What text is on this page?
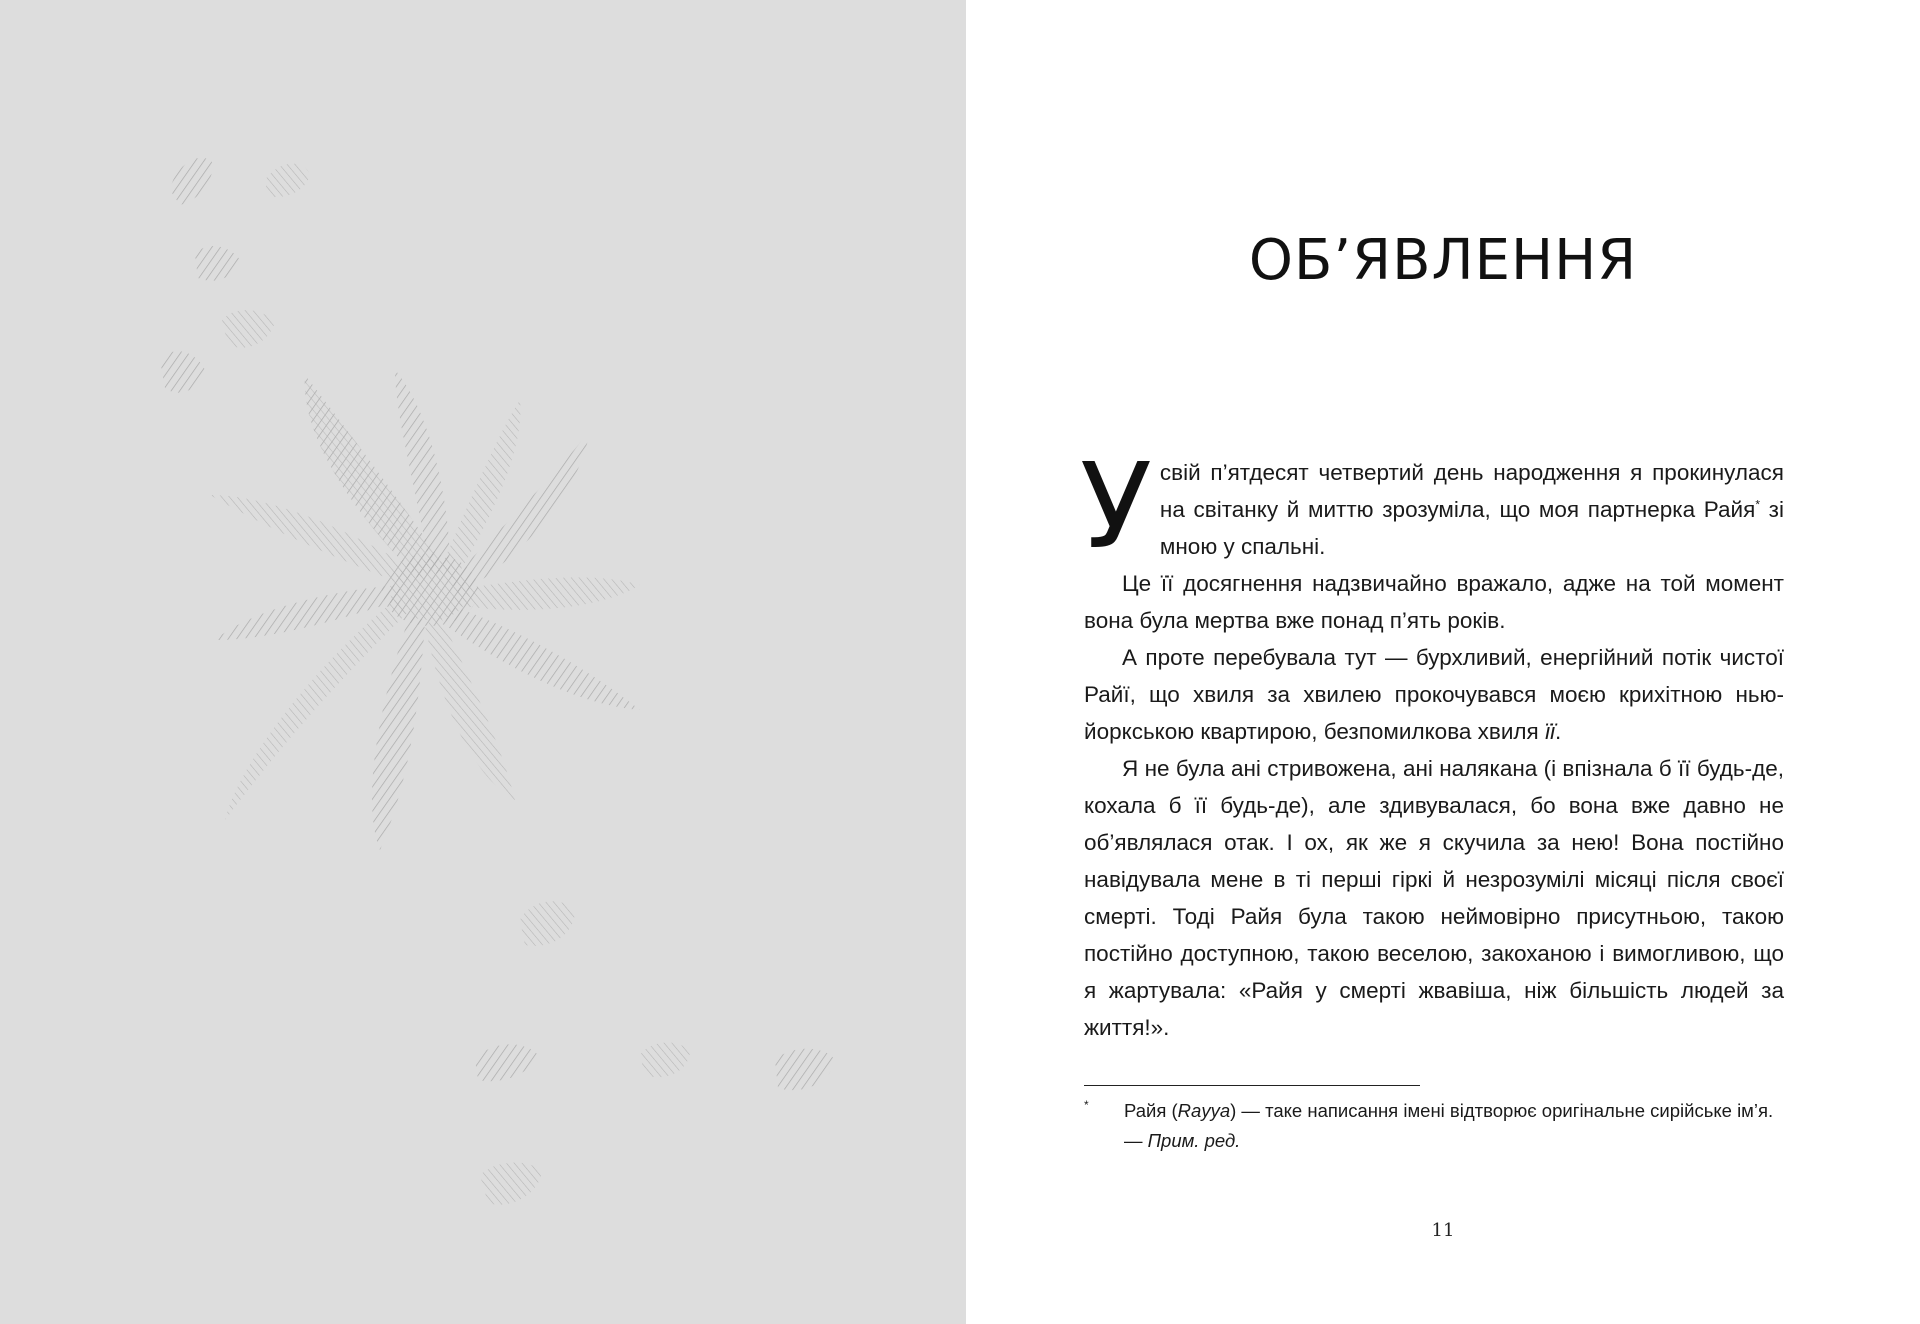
ОБ’ЯВЛЕННЯ

У свій п’ятдесят четвертий день народження я прокинулася на світанку й миттю зрозуміла, що моя партнерка Райя* зі мною у спальні.

Це її досягнення надзвичайно вражало, адже на той момент вона була мертва вже понад п’ять років.

А проте перебувала тут — бурхливий, енергійний потік чистої Райї, що хвиля за хвилею прокочувався моєю крихітною нью-йоркською квартирою, безпомилкова хвиля її.

Я не була ані стривожена, ані налякана (і впізнала б її будь-де, кохала б її будь-де), але здивувалася, бо вона вже давно не об’являлася отак. І ох, як же я скучила за нею! Вона постійно навідувала мене в ті перші гіркі й незрозумілі місяці після своєї смерті. Тоді Райя була такою неймовірно присутньою, такою постійно доступною, такою веселою, закоханою і вимогливою, що я жартувала: «Райя у смерті жвавіша, ніж більшість людей за життя!».

* Райя (Rayya) — таке написання імені відтворює оригінальне сирійське ім’я. — Прим. ред.
11
